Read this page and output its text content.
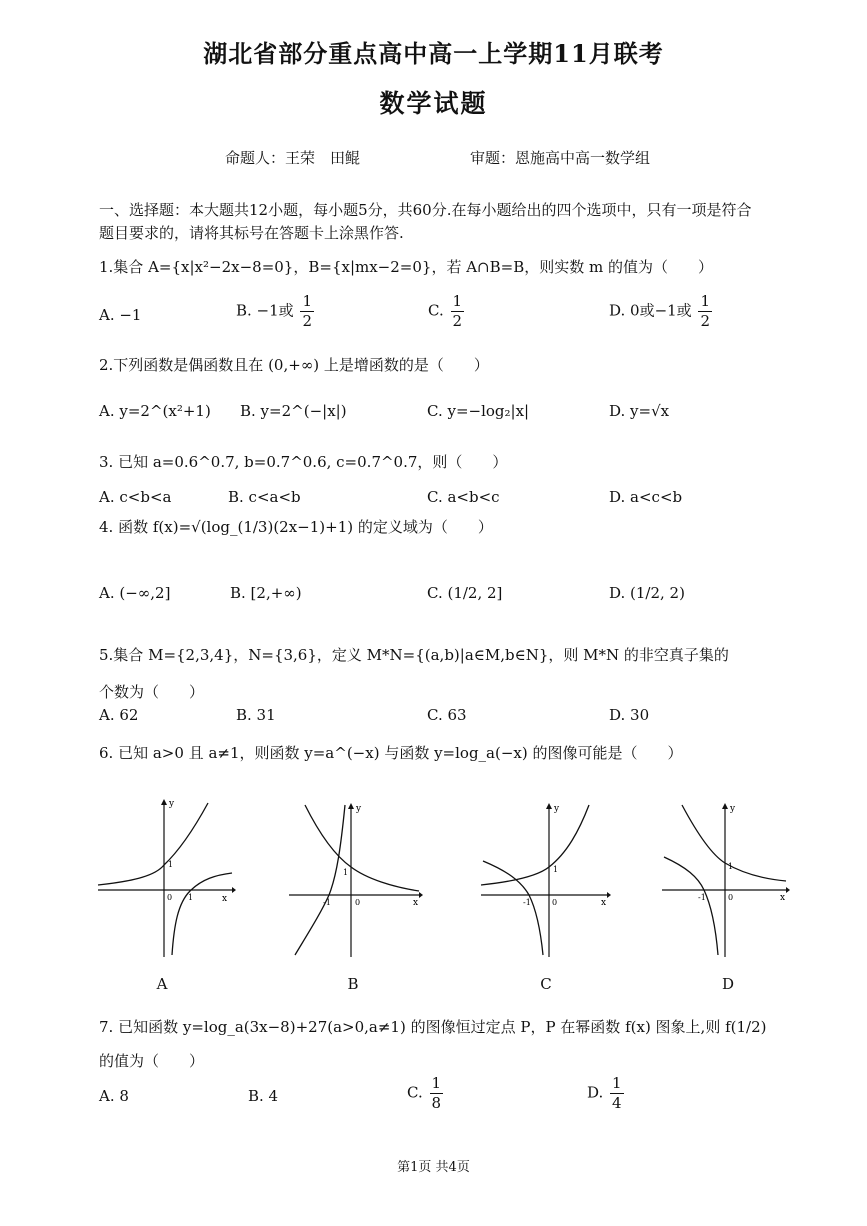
湖北省部分重点高中高一上学期11月联考
数学试题
命题人：王荣　田鲲	审题：恩施高中高一数学组
一、选择题：本大题共12小题，每小题5分，共60分.在每小题给出的四个选项中，只有一项是符合
题目要求的，请将其标号在答题卡上涂黑作答.
1.集合 A={x|x²−2x−8=0}，B={x|mx−2=0}，若 A∩B=B，则实数 m 的值为（　　）
A. −1	B. −1或 $\frac{1}{2}$	C. $\frac{1}{2}$	D. 0或−1或 $\frac{1}{2}$
2.下列函数是偶函数且在 (0,+∞) 上是增函数的是（　　）
A. y=2^(x²+1) B. y=2^(−|x|)	C. y=−log₂|x|	D. y=√x
3. 已知 a=0.6^0.7, b=0.7^0.6, c=0.7^0.7，则（　　）
A. c<b<a	B. c<a<b	C. a<b<c	D. a<c<b
4. 函数 f(x)=√(log_(1/3)(2x−1)+1) 的定义域为（　　）
A. (−∞,2]	B. [2,+∞)	C. (1/2, 2]	D. (1/2, 2)
5.集合 M={2,3,4}，N={3,6}，定义 M*N={(a,b)|a∈M,b∈N}，则 M*N 的非空真子集的
个数为（　　）
A. 62	B. 31	C. 63	D. 30
6. 已知 a>0 且 a≠1，则函数 y=a^(−x) 与函数 y=log_a(−x) 的图像可能是（　　）
y
x
0 1
1
y
x
0
-1
1
y
x
0
-1
1
y
x
0
-1
1
A	B	C	D
7. 已知函数 y=log_a(3x−8)+27(a>0,a≠1) 的图像恒过定点 P，P 在幂函数 f(x) 图象上,则 f(1/2)
的值为（　　）
A. 8	B. 4	C. $\frac{1}{8}$	D. $\frac{1}{4}$
第1页 共4页
